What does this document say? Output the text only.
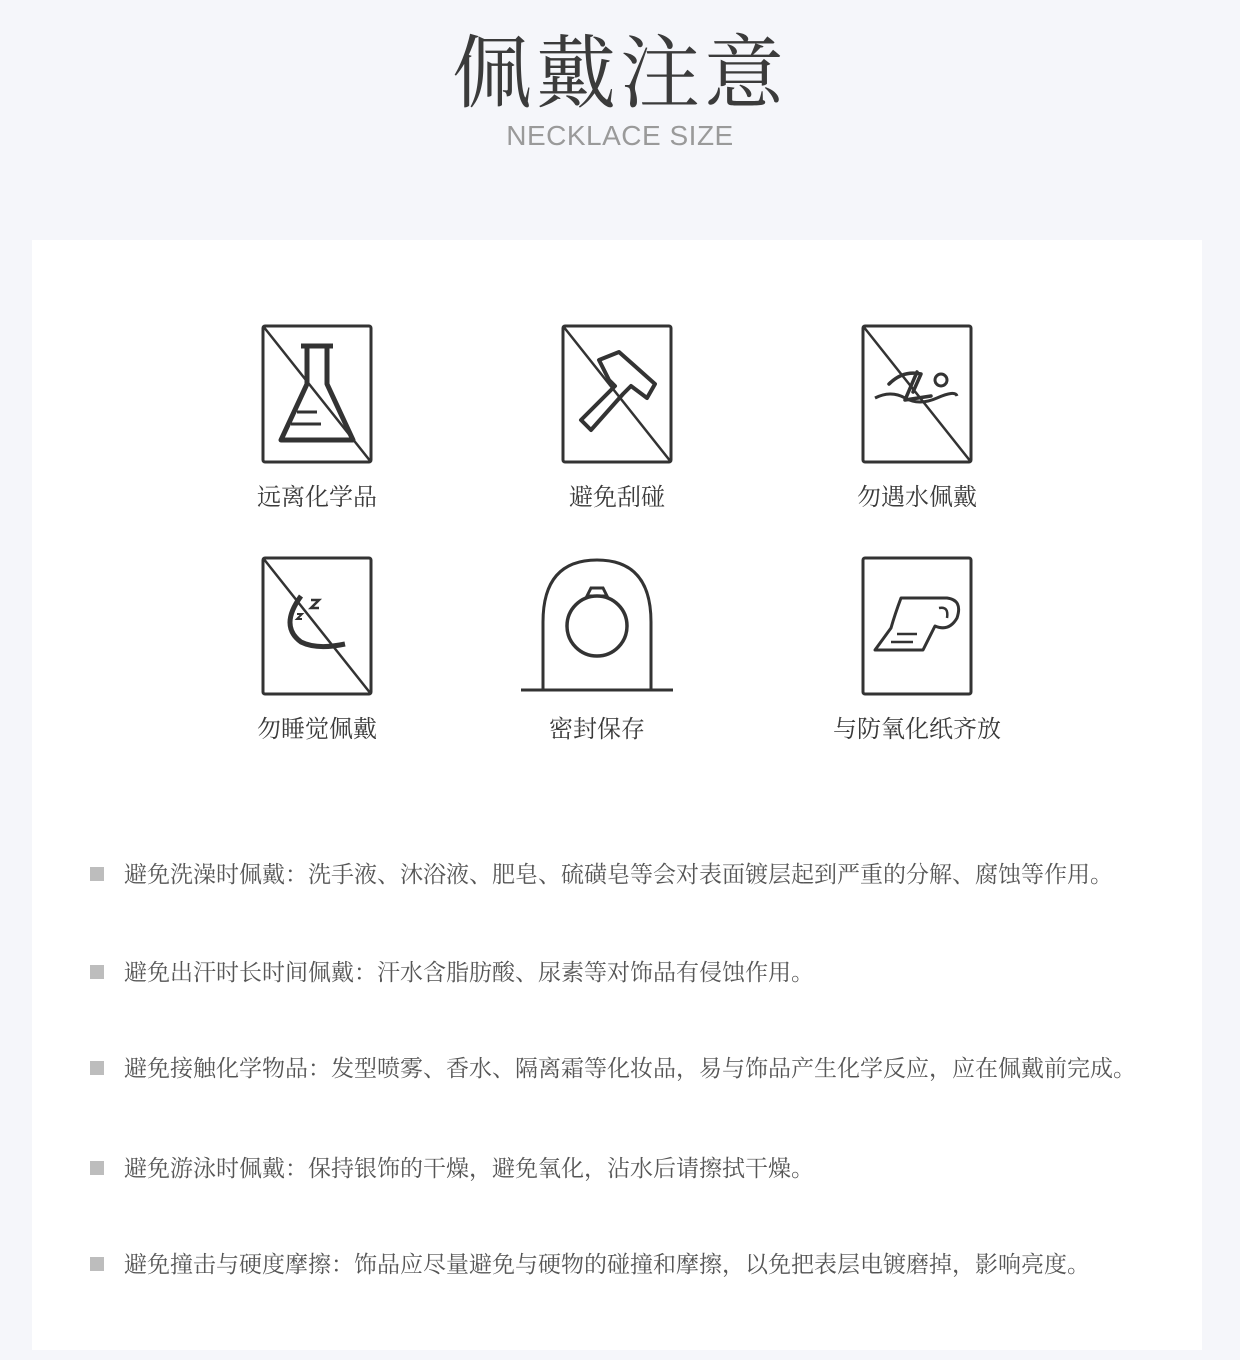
佩戴注意
NECKLACE SIZE
远离化学品	避免刮碰	勿遇水佩戴
勿睡觉佩戴	密封保存	与防氧化纸齐放
避免洗澡时佩戴：洗手液、沐浴液、肥皂、硫磺皂等会对表面镀层起到严重的分解、腐蚀等作用。
避免出汗时长时间佩戴：汗水含脂肪酸、尿素等对饰品有侵蚀作用。
避免接触化学物品：发型喷雾、香水、隔离霜等化妆品，易与饰品产生化学反应，应在佩戴前完成。
避免游泳时佩戴：保持银饰的干燥，避免氧化，沾水后请擦拭干燥。
避免撞击与硬度摩擦：饰品应尽量避免与硬物的碰撞和摩擦，以免把表层电镀磨掉，影响亮度。
